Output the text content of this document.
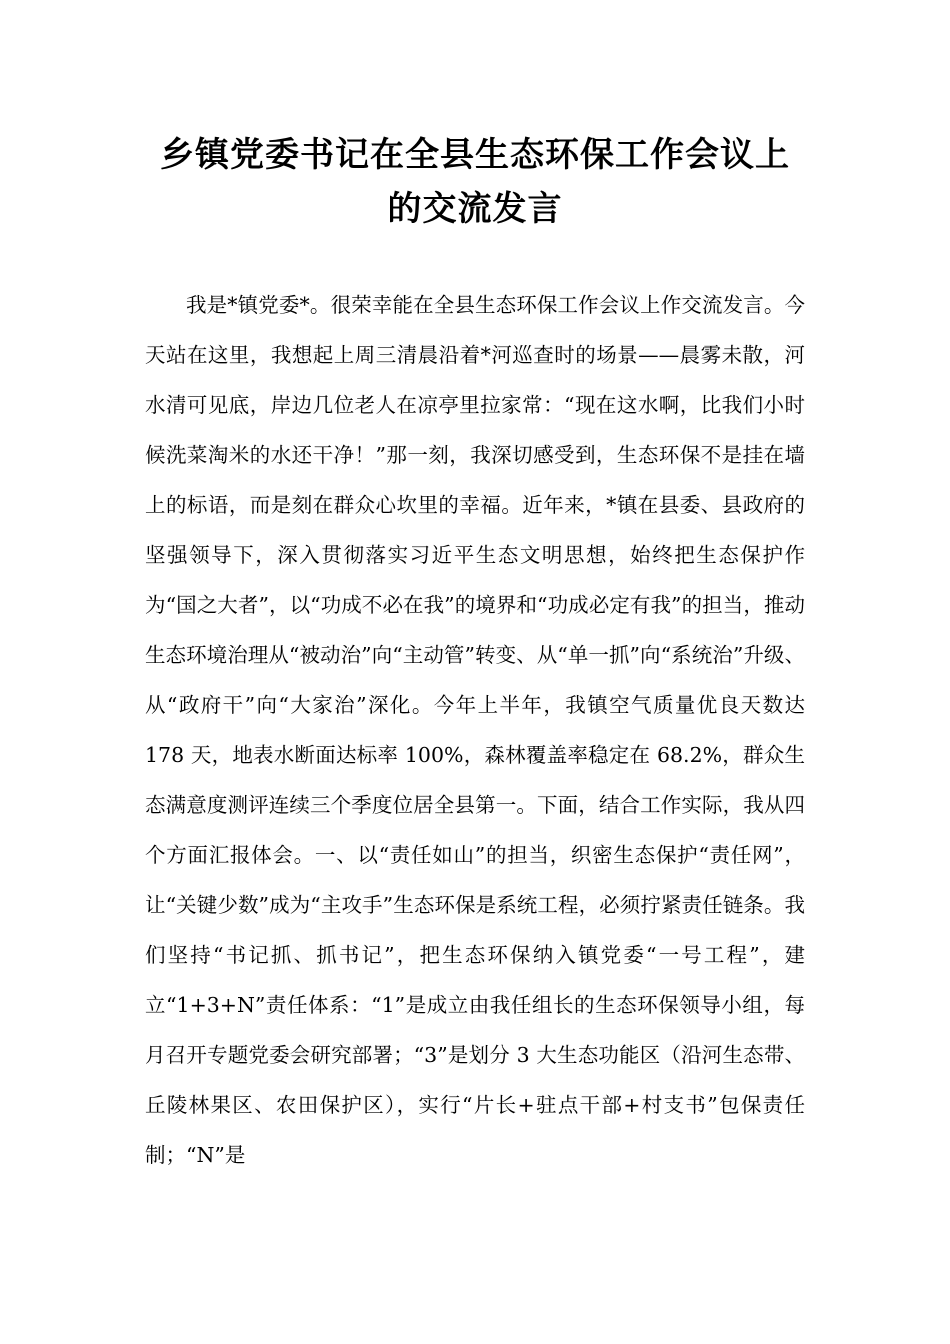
乡镇党委书记在全县生态环保工作会议上
的交流发言

我是*镇党委*。很荣幸能在全县生态环保工作会议上作交流发言。今天站在这里，我想起上周三清晨沿着*河巡查时的场景——晨雾未散，河水清可见底，岸边几位老人在凉亭里拉家常：“现在这水啊，比我们小时候洗菜淘米的水还干净！”那一刻，我深切感受到，生态环保不是挂在墙上的标语，而是刻在群众心坎里的幸福。近年来，*镇在县委、县政府的坚强领导下，深入贯彻落实习近平生态文明思想，始终把生态保护作为“国之大者”，以“功成不必在我”的境界和“功成必定有我”的担当，推动生态环境治理从“被动治”向“主动管”转变、从“单一抓”向“系统治”升级、从“政府干”向“大家治”深化。今年上半年，我镇空气质量优良天数达 178 天，地表水断面达标率 100%，森林覆盖率稳定在 68.2%，群众生态满意度测评连续三个季度位居全县第一。下面，结合工作实际，我从四个方面汇报体会。一、以“责任如山”的担当，织密生态保护“责任网”，让“关键少数”成为“主攻手”生态环保是系统工程，必须拧紧责任链条。我们坚持“书记抓、抓书记”，把生态环保纳入镇党委“一号工程”，建立“1+3+N”责任体系：“1”是成立由我任组长的生态环保领导小组，每月召开专题党委会研究部署；“3”是划分 3 大生态功能区（沿河生态带、丘陵林果区、农田保护区），实行“片长+驻点干部+村支书”包保责任制；“N”是
